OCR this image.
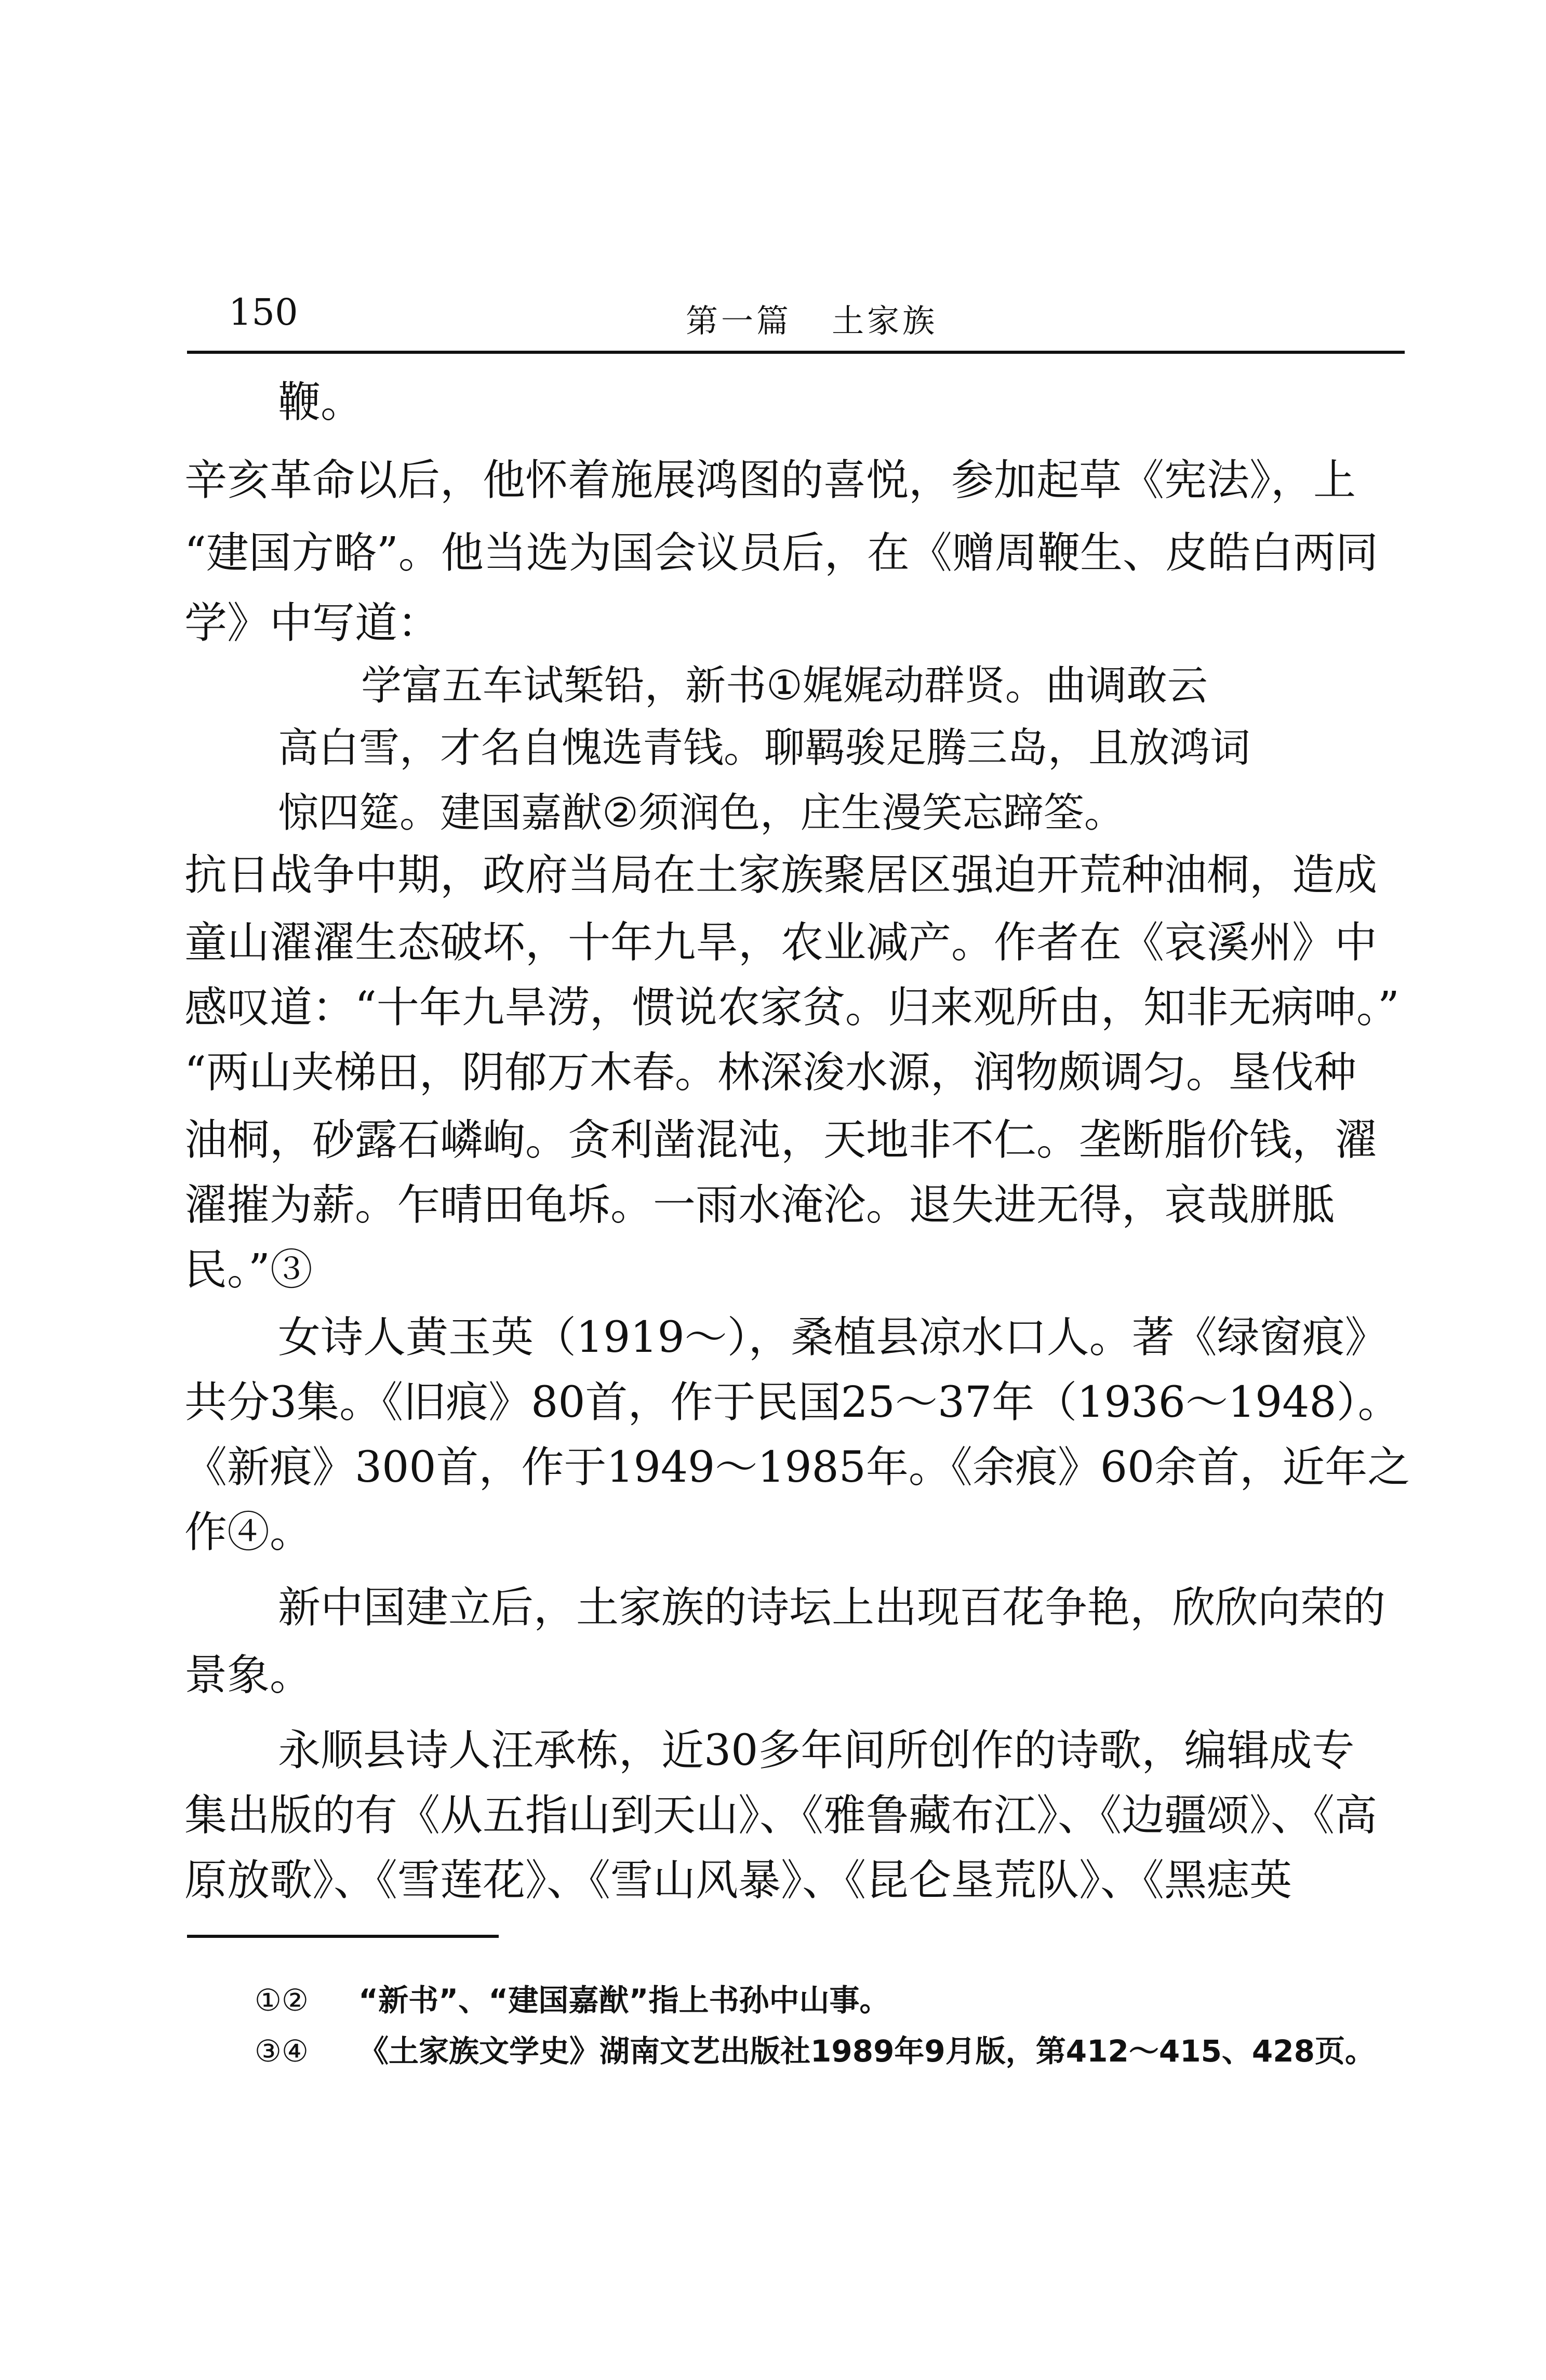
150	第一篇   土家族
鞭。
辛亥革命以后，他怀着施展鸿图的喜悦，参加起草《宪法》，上
“建国方略”。他当选为国会议员后，在《赠周鞭生、皮皓白两同
学》中写道：
学富五车试椠铅，新书①娓娓动群贤。曲调敢云
高白雪，才名自愧选青钱。聊羁骏足腾三岛，且放鸿词
惊四筵。建国嘉猷②须润色，庄生漫笑忘蹄筌。
抗日战争中期，政府当局在土家族聚居区强迫开荒种油桐，造成
童山濯濯生态破坏，十年九旱，农业减产。作者在《哀溪州》中
感叹道：“十年九旱涝，惯说农家贫。归来观所由，知非无病呻。”
“两山夹梯田，阴郁万木春。林深浚水源，润物颇调匀。垦伐种
油桐，砂露石嶙峋。贪利凿混沌，天地非不仁。垄断脂价钱，濯
濯摧为薪。乍晴田龟坼。一雨水淹沦。退失进无得，哀哉胼胝
民。”③
女诗人黄玉英（1919～），桑植县凉水口人。著《绿窗痕》
共分3集。《旧痕》80首，作于民国25～37年（1936～1948）。
《新痕》300首，作于1949～1985年。《余痕》60余首，近年之
作④。
新中国建立后，土家族的诗坛上出现百花争艳，欣欣向荣的
景象。
永顺县诗人汪承栋，近30多年间所创作的诗歌，编辑成专
集出版的有《从五指山到天山》、《雅鲁藏布江》、《边疆颂》、《高
原放歌》、《雪莲花》、《雪山风暴》、《昆仑垦荒队》、《黑痣英
①② “新书”、“建国嘉猷”指上书孙中山事。
③④ 《土家族文学史》湖南文艺出版社1989年9月版，第412～415、428页。
